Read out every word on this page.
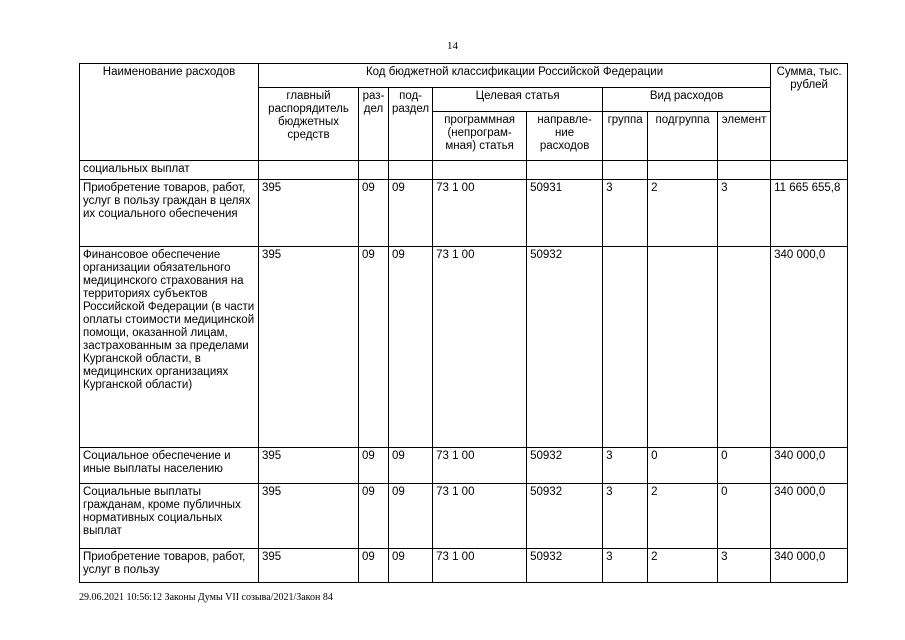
14
Наименование расходов	Код бюджетной классификации Российской Федерации								Сумма, тыс. рублей
	главный распорядитель бюджетных средств	раз-дел	под-раздел	Целевая статья		Вид расходов			
				программная (непрограм-мная) статья	направле-ние расходов	группа	подгруппа	элемент	
социальных выплат									
Приобретение товаров, работ, услуг в пользу граждан в целях их социального обеспечения	395	09	09	73 1 00	50931	3	2	3	11 665 655,8
Финансовое обеспечение организации обязательного медицинского страхования на территориях субъектов Российской Федерации (в части оплаты стоимости медицинской помощи, оказанной лицам, застрахованным за пределами Курганской области, в медицинских организациях Курганской области)	395	09	09	73 1 00	50932				340 000,0
Социальное обеспечение и иные выплаты населению	395	09	09	73 1 00	50932	3	0	0	340 000,0
Социальные выплаты гражданам, кроме публичных нормативных социальных выплат	395	09	09	73 1 00	50932	3	2	0	340 000,0
Приобретение товаров, работ, услуг в пользу	395	09	09	73 1 00	50932	3	2	3	340 000,0
29.06.2021 10:56:12 Законы Думы VII созыва/2021/Закон 84
